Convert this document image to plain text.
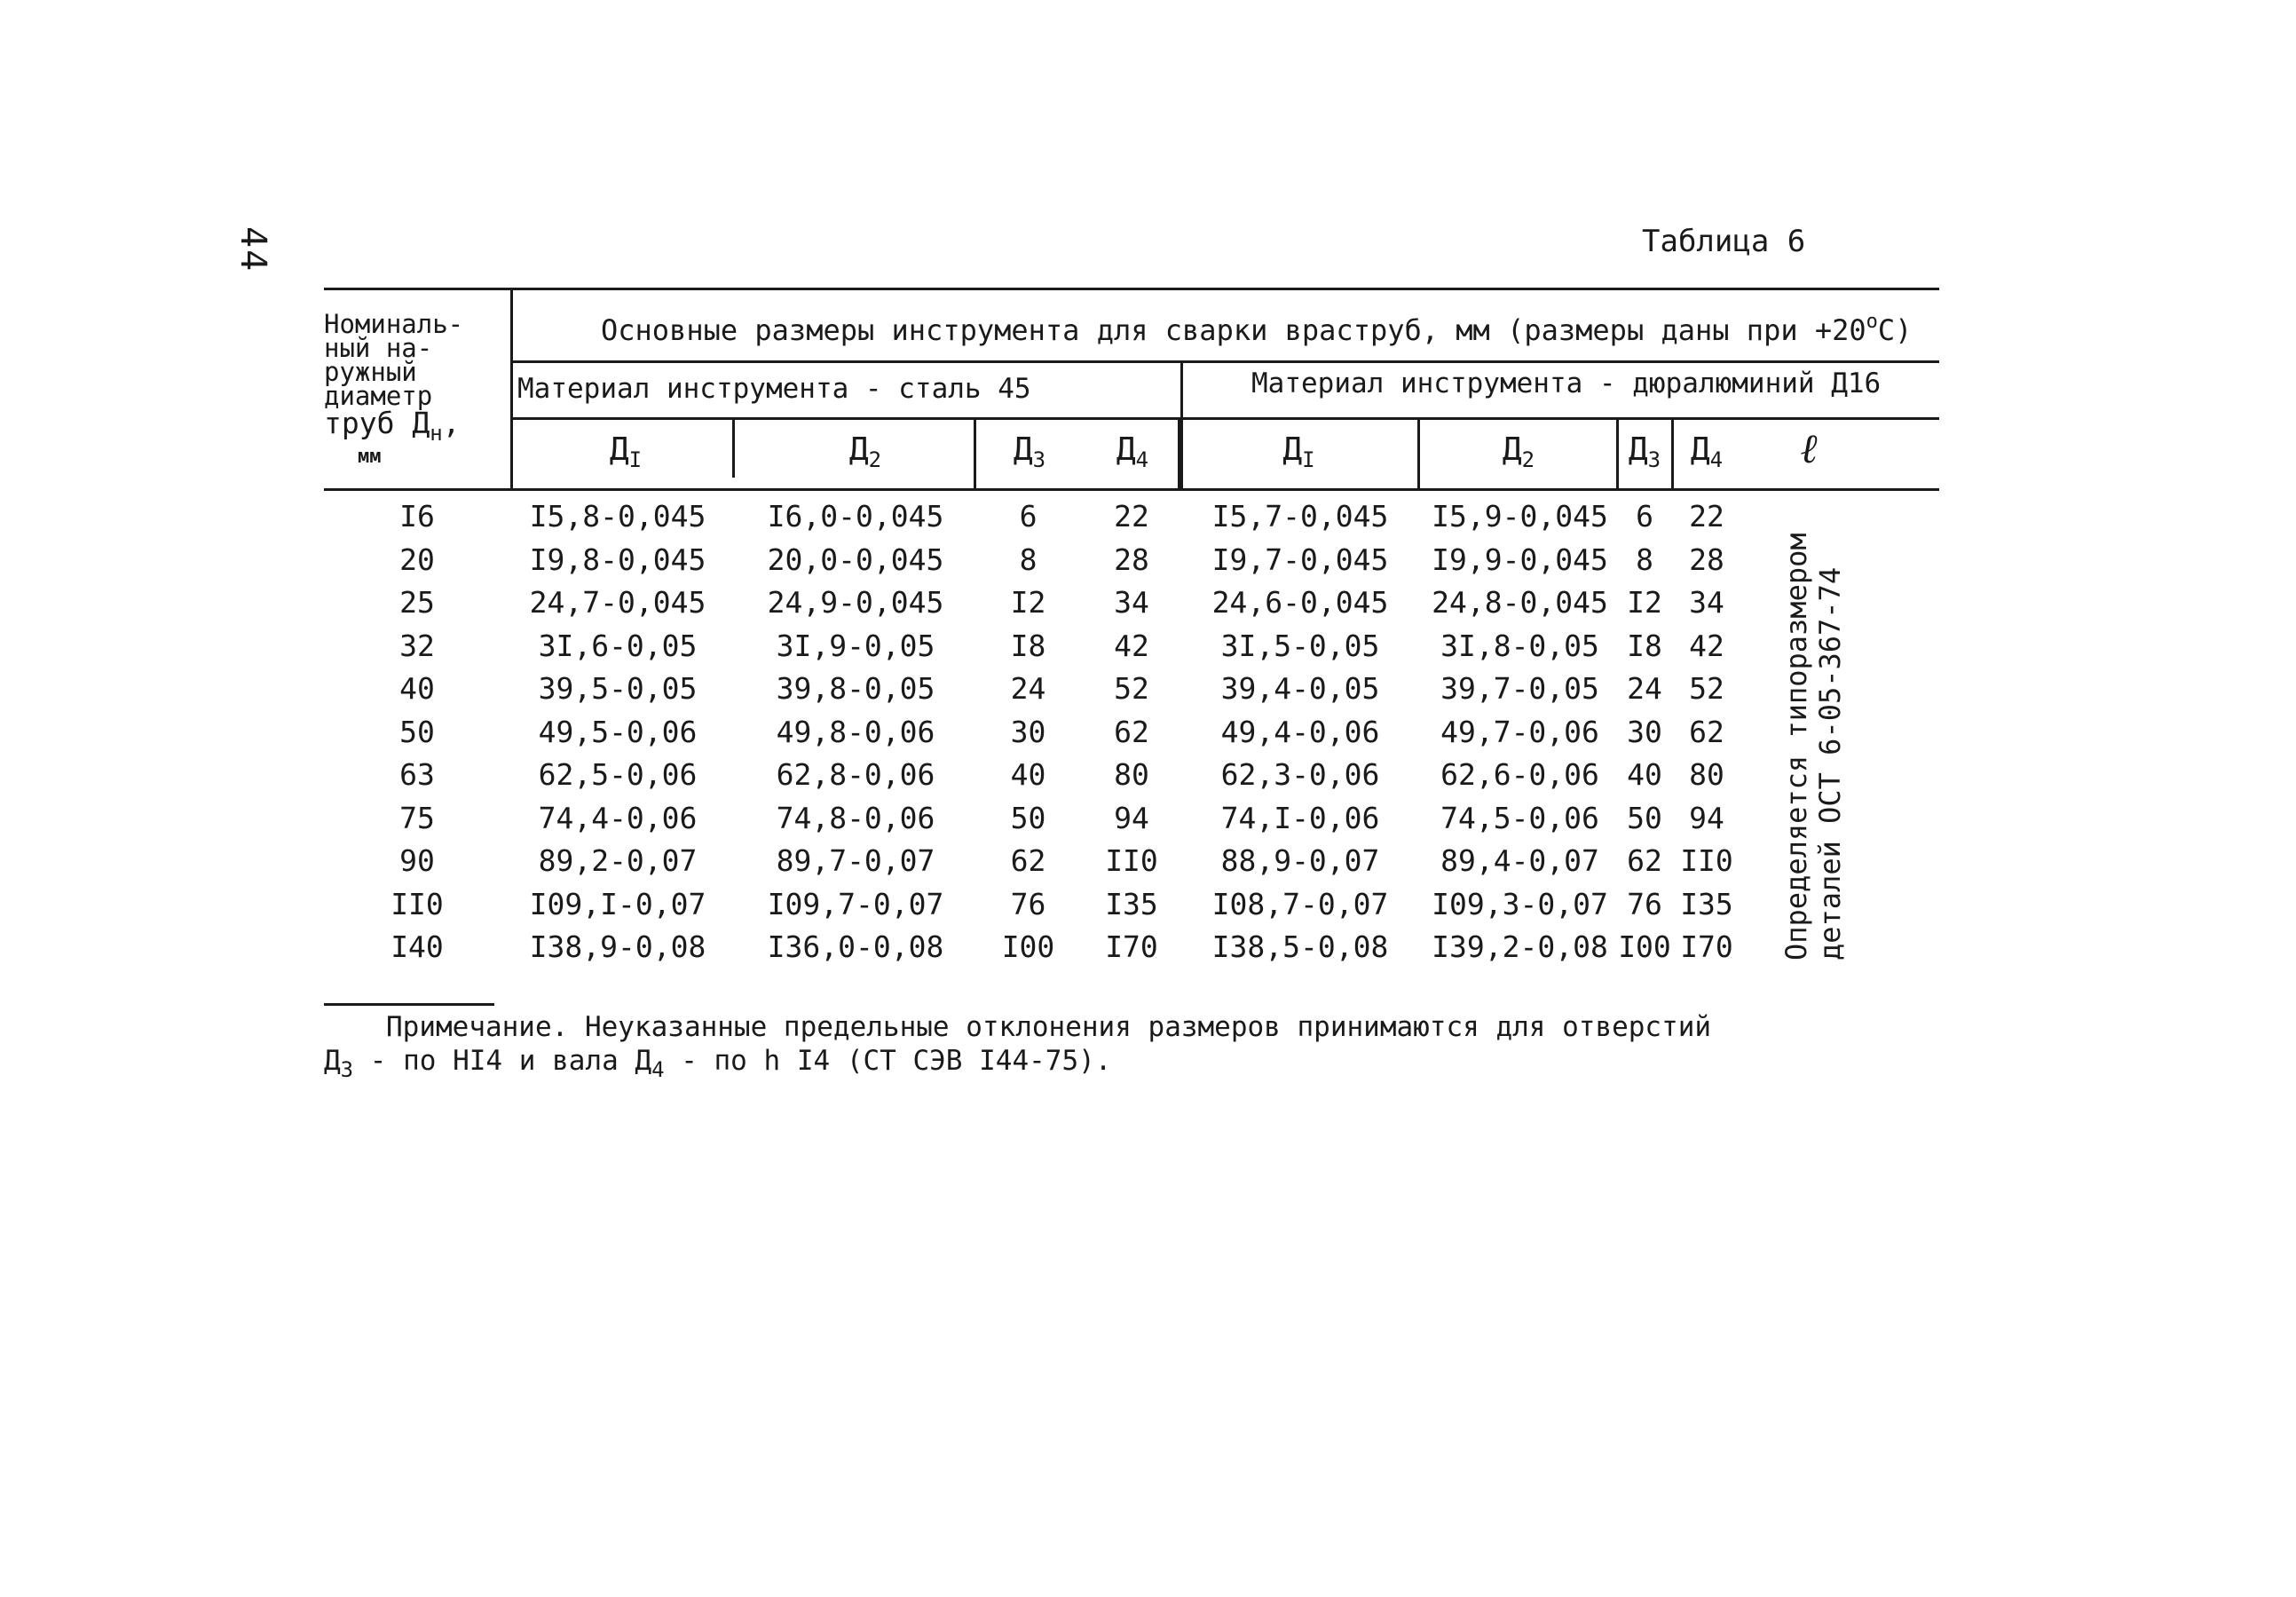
44	Таблица 6
Номиналь-
ный на-
ружный
диаметр
труб $Д_н$,
мм
Основные размеры инструмента для сварки враструб, мм (размеры даны при $+20^оС$)
Материал инструмента - сталь 45	Материал инструмента - дюралюминий Д16
$Д_I$	$Д_2$	$Д_3$	$Д_4$	$Д_I$	$Д_2$	$Д_3$ $Д_4$	ℓ
I6	I5,8-0,045	I6,0-0,045	6	22	I5,7-0,045	I5,9-0,045 6	22
20	I9,8-0,045	20,0-0,045	8	28	I9,7-0,045	I9,9-0,045 8	28
25	24,7-0,045	24,9-0,045	I2	34	24,6-0,045	24,8-0,045 I2 34
32	3I,6-0,05	3I,9-0,05	I8	42	3I,5-0,05	3I,8-0,05 I8 42
40	39,5-0,05	39,8-0,05	24	52	39,4-0,05	39,7-0,05 24 52
50	49,5-0,06	49,8-0,06	30	62	49,4-0,06	49,7-0,06 30 62
63	62,5-0,06	62,8-0,06	40	80	62,3-0,06	62,6-0,06 40 80
75	74,4-0,06	74,8-0,06	50	94	74,I-0,06	74,5-0,06 50 94
90	89,2-0,07	89,7-0,07	62	II0	88,9-0,07	89,4-0,07 62 II0
II0	I09,I-0,07	I09,7-0,07	76	I35	I08,7-0,07	I09,3-0,07 76 I35
I40	I38,9-0,08	I36,0-0,08	I00	I70	I38,5-0,08	I39,2-0,08 I00 I70 Определяется типоразмером деталей ОСТ 6-05-367-74
Примечание. Неуказанные предельные отклонения размеров принимаются для отверстий
$Д_3$ - по HI4 и вала $Д_4$ - по h I4 (СТ СЭВ I44-75).
